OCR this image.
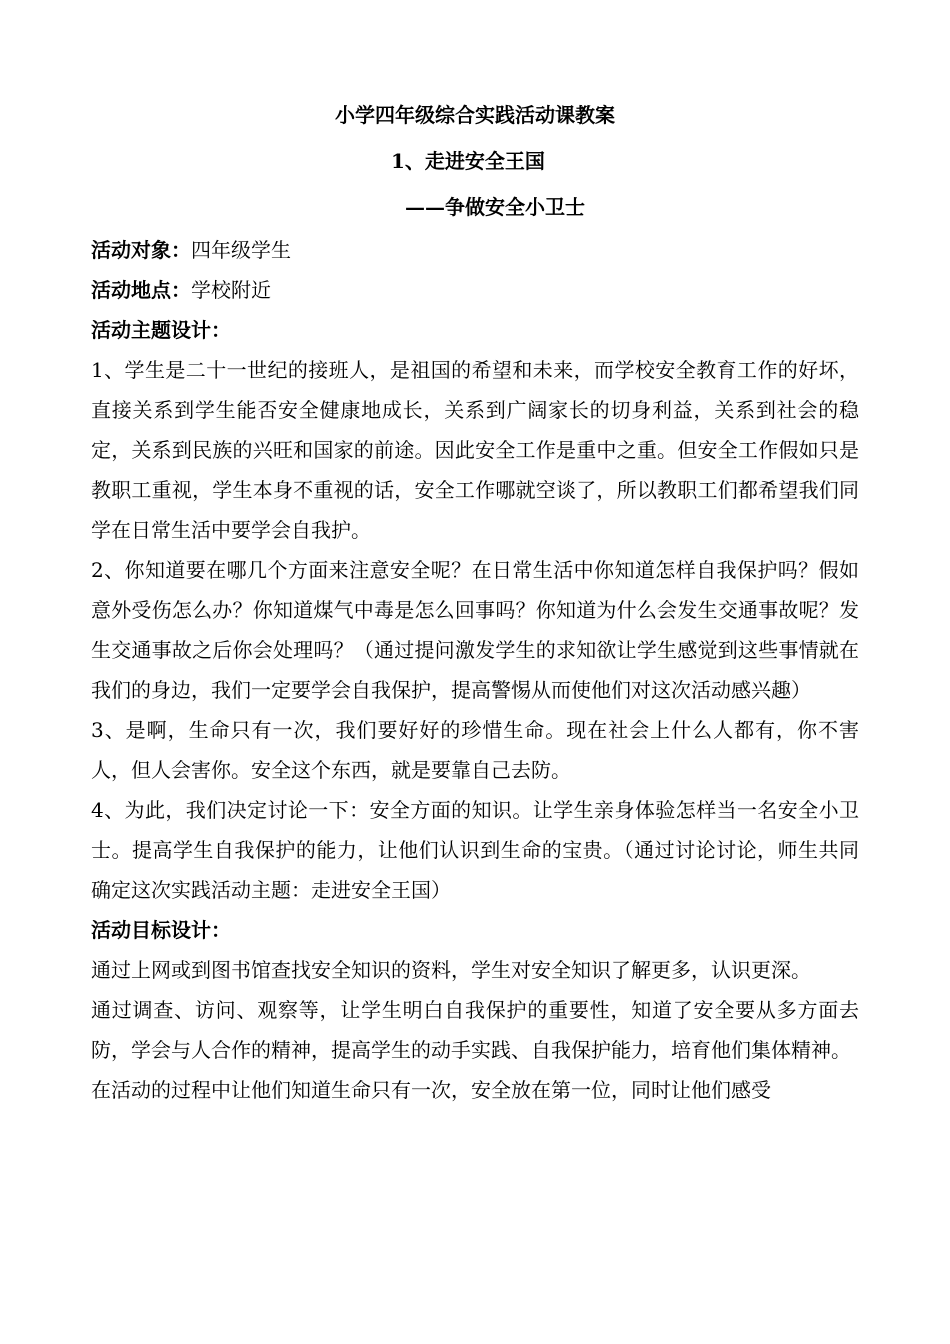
小学四年级综合实践活动课教案

1、走进安全王国

——争做安全小卫士

活动对象：四年级学生

活动地点：学校附近

活动主题设计：

1、学生是二十一世纪的接班人，是祖国的希望和未来，而学校安全教育工作的好坏，直接关系到学生能否安全健康地成长，关系到广阔家长的切身利益，关系到社会的稳定，关系到民族的兴旺和国家的前途。因此安全工作是重中之重。但安全工作假如只是教职工重视，学生本身不重视的话，安全工作哪就空谈了，所以教职工们都希望我们同学在日常生活中要学会自我护。

2、你知道要在哪几个方面来注意安全呢？在日常生活中你知道怎样自我保护吗？假如意外受伤怎么办？你知道煤气中毒是怎么回事吗？你知道为什么会发生交通事故呢？发生交通事故之后你会处理吗？（通过提问激发学生的求知欲让学生感觉到这些事情就在我们的身边，我们一定要学会自我保护，提高警惕从而使他们对这次活动感兴趣）

3、是啊，生命只有一次，我们要好好的珍惜生命。现在社会上什么人都有，你不害人，但人会害你。安全这个东西，就是要靠自己去防。

4、为此，我们决定讨论一下：安全方面的知识。让学生亲身体验怎样当一名安全小卫士。提高学生自我保护的能力，让他们认识到生命的宝贵。（通过讨论讨论，师生共同确定这次实践活动主题：走进安全王国）

活动目标设计：

通过上网或到图书馆查找安全知识的资料，学生对安全知识了解更多，认识更深。

通过调查、访问、观察等，让学生明白自我保护的重要性，知道了安全要从多方面去防，学会与人合作的精神，提高学生的动手实践、自我保护能力，培育他们集体精神。

在活动的过程中让他们知道生命只有一次，安全放在第一位，同时让他们感受
